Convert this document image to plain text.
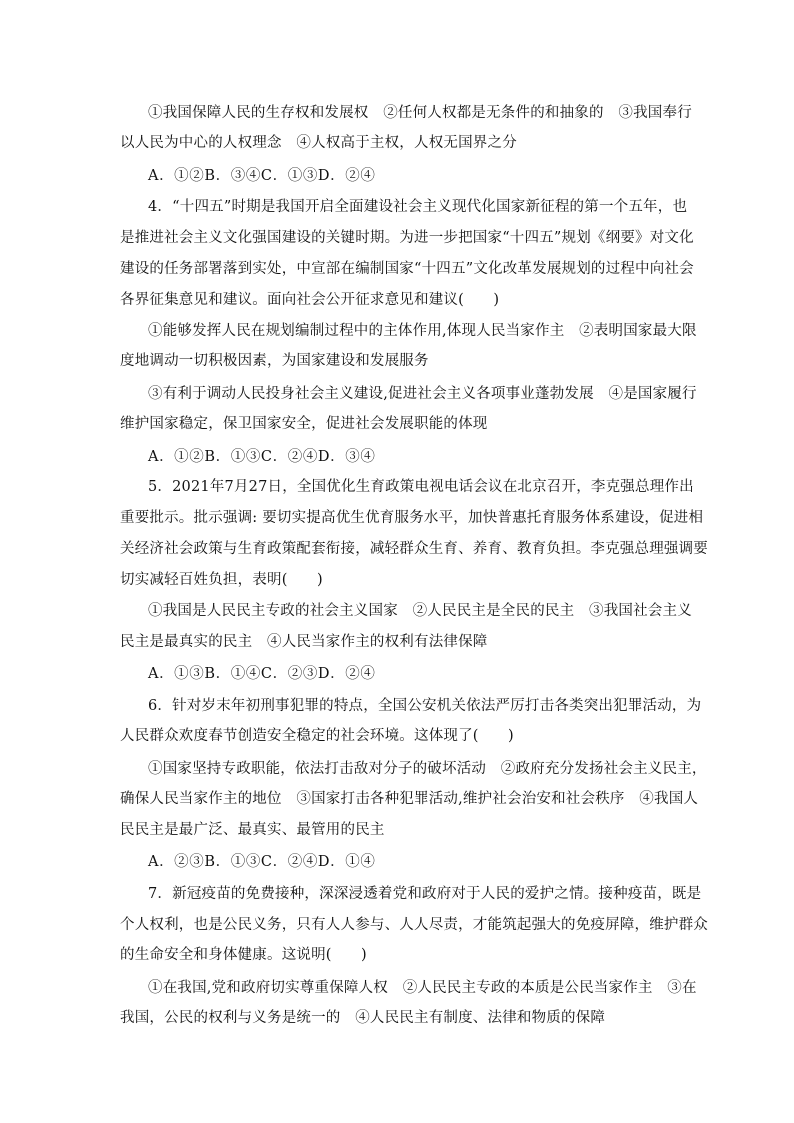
①我国保障人民的生存权和发展权　②任何人权都是无条件的和抽象的　③我国奉行
以人民为中心的人权理念　④人权高于主权，人权无国界之分
A．①②B．③④C．①③D．②④
4．“十四五”时期是我国开启全面建设社会主义现代化国家新征程的第一个五年，也
是推进社会主义文化强国建设的关键时期。为进一步把国家“十四五”规划《纲要》对文化
建设的任务部署落到实处，中宣部在编制国家“十四五”文化改革发展规划的过程中向社会
各界征集意见和建议。面向社会公开征求意见和建议(　　)
①能够发挥人民在规划编制过程中的主体作用,体现人民当家作主　②表明国家最大限
度地调动一切积极因素，为国家建设和发展服务
③有利于调动人民投身社会主义建设,促进社会主义各项事业蓬勃发展　④是国家履行
维护国家稳定，保卫国家安全，促进社会发展职能的体现
A．①②B．①③C．②④D．③④
5．2021年7月27日，全国优化生育政策电视电话会议在北京召开，李克强总理作出
重要批示。批示强调: 要切实提高优生优育服务水平，加快普惠托育服务体系建设，促进相
关经济社会政策与生育政策配套衔接，减轻群众生育、养育、教育负担。李克强总理强调要
切实减轻百姓负担，表明(　　)
①我国是人民民主专政的社会主义国家　②人民民主是全民的民主　③我国社会主义
民主是最真实的民主　④人民当家作主的权利有法律保障
A．①③B．①④C．②③D．②④
6．针对岁末年初刑事犯罪的特点，全国公安机关依法严厉打击各类突出犯罪活动，为
人民群众欢度春节创造安全稳定的社会环境。这体现了(　　)
①国家坚持专政职能，依法打击敌对分子的破坏活动　②政府充分发扬社会主义民主，
确保人民当家作主的地位　③国家打击各种犯罪活动,维护社会治安和社会秩序　④我国人
民民主是最广泛、最真实、最管用的民主
A．②③B．①③C．②④D．①④
7．新冠疫苗的免费接种，深深浸透着党和政府对于人民的爱护之情。接种疫苗，既是
个人权利，也是公民义务，只有人人参与、人人尽责，才能筑起强大的免疫屏障，维护群众
的生命安全和身体健康。这说明(　　)
①在我国,党和政府切实尊重保障人权　②人民民主专政的本质是公民当家作主　③在
我国，公民的权利与义务是统一的　④人民民主有制度、法律和物质的保障
